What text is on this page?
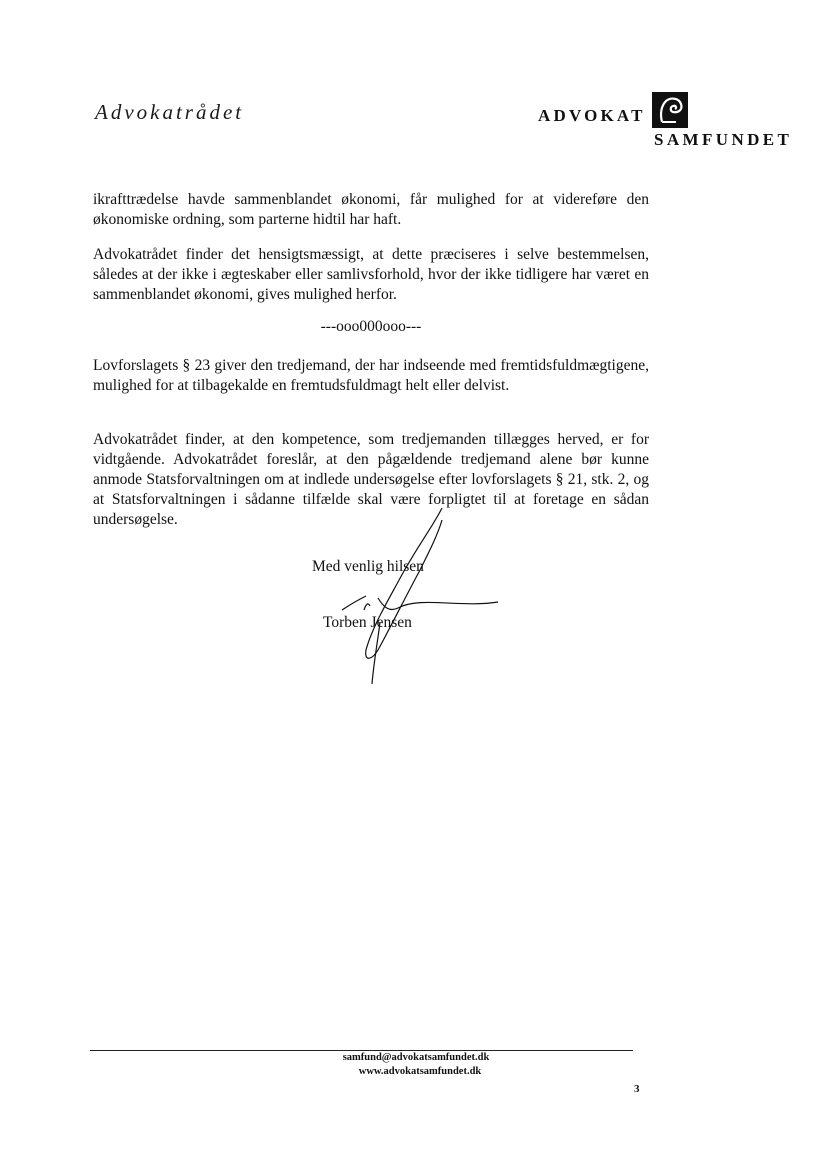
Advokatrådet	ADVOKAT
SAMFUNDET

ikrafttrædelse havde sammenblandet økonomi, får mulighed for at videreføre den økonomiske ordning, som parterne hidtil har haft.

Advokatrådet finder det hensigtsmæssigt, at dette præciseres i selve bestemmelsen, således at der ikke i ægteskaber eller samlivsforhold, hvor der ikke tidligere har været en sammenblandet økonomi, gives mulighed herfor.

---ooo000ooo---

Lovforslagets § 23 giver den tredjemand, der har indseende med fremtidsfuldmægtigene, mulighed for at tilbagekalde en fremtudsfuldmagt helt eller delvist.

Advokatrådet finder, at den kompetence, som tredjemanden tillægges herved, er for vidtgående. Advokatrådet foreslår, at den pågældende tredjemand alene bør kunne anmode Statsforvaltningen om at indlede undersøgelse efter lovforslagets § 21, stk. 2, og at Statsforvaltningen i sådanne tilfælde skal være forpligtet til at foretage en sådan undersøgelse.

Med venlig hilsen
Torben Jensen
samfund@advokatsamfundet.dk
www.advokatsamfundet.dk
3
